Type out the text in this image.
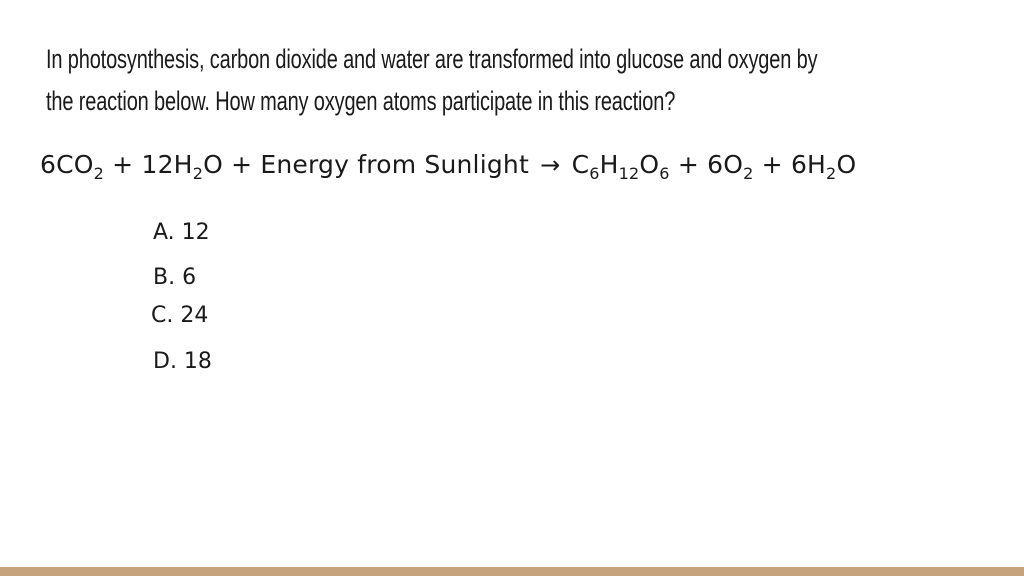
In photosynthesis, carbon dioxide and water are transformed into glucose and oxygen by
the reaction below. How many oxygen atoms participate in this reaction?
$6CO_2 + 12H_2O$ + Energy from Sunlight → $C_6H_{12}O_6 + 6O_2 + 6H_2O$
A. 12
B. 6
C. 24
D. 18
